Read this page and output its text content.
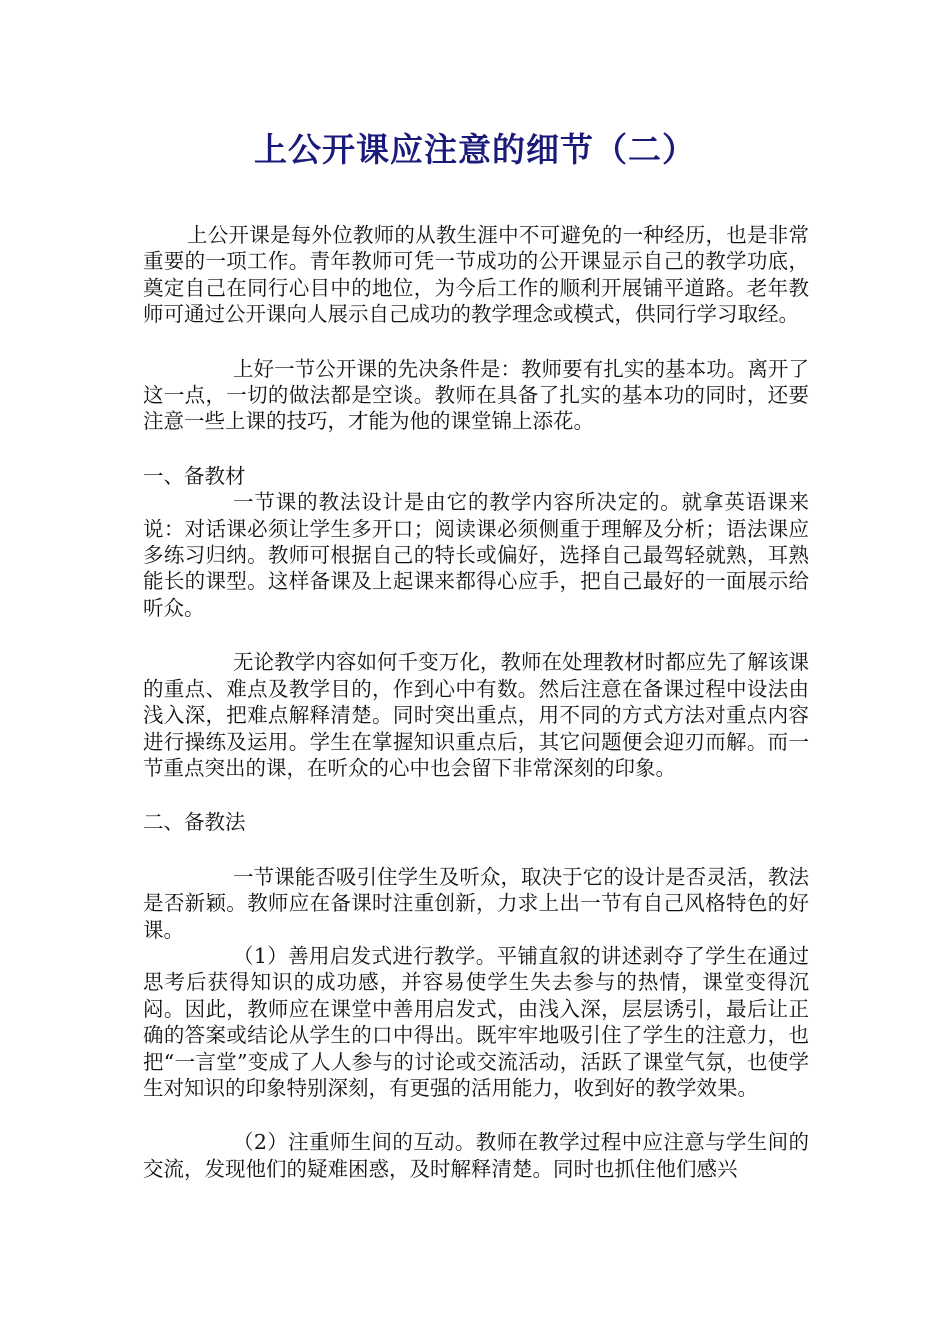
上公开课应注意的细节（二）

上公开课是每外位教师的从教生涯中不可避免的一种经历，也是非常重要的一项工作。青年教师可凭一节成功的公开课显示自己的教学功底，奠定自己在同行心目中的地位，为今后工作的顺利开展铺平道路。老年教师可通过公开课向人展示自己成功的教学理念或模式，供同行学习取经。

上好一节公开课的先决条件是：教师要有扎实的基本功。离开了这一点，一切的做法都是空谈。教师在具备了扎实的基本功的同时，还要注意一些上课的技巧，才能为他的课堂锦上添花。

一、备教材

一节课的教法设计是由它的教学内容所决定的。就拿英语课来说：对话课必须让学生多开口；阅读课必须侧重于理解及分析；语法课应多练习归纳。教师可根据自己的特长或偏好，选择自己最驾轻就熟，耳熟能长的课型。这样备课及上起课来都得心应手，把自己最好的一面展示给听众。

无论教学内容如何千变万化，教师在处理教材时都应先了解该课的重点、难点及教学目的，作到心中有数。然后注意在备课过程中设法由浅入深，把难点解释清楚。同时突出重点，用不同的方式方法对重点内容进行操练及运用。学生在掌握知识重点后，其它问题便会迎刃而解。而一节重点突出的课，在听众的心中也会留下非常深刻的印象。

二、备教法

一节课能否吸引住学生及听众，取决于它的设计是否灵活，教法是否新颖。教师应在备课时注重创新，力求上出一节有自己风格特色的好课。

（1）善用启发式进行教学。平铺直叙的讲述剥夺了学生在通过思考后获得知识的成功感，并容易使学生失去参与的热情，课堂变得沉闷。因此，教师应在课堂中善用启发式，由浅入深，层层诱引，最后让正确的答案或结论从学生的口中得出。既牢牢地吸引住了学生的注意力，也把“一言堂”变成了人人参与的讨论或交流活动，活跃了课堂气氛，也使学生对知识的印象特别深刻，有更强的活用能力，收到好的教学效果。

（2）注重师生间的互动。教师在教学过程中应注意与学生间的交流，发现他们的疑难困惑，及时解释清楚。同时也抓住他们感兴
